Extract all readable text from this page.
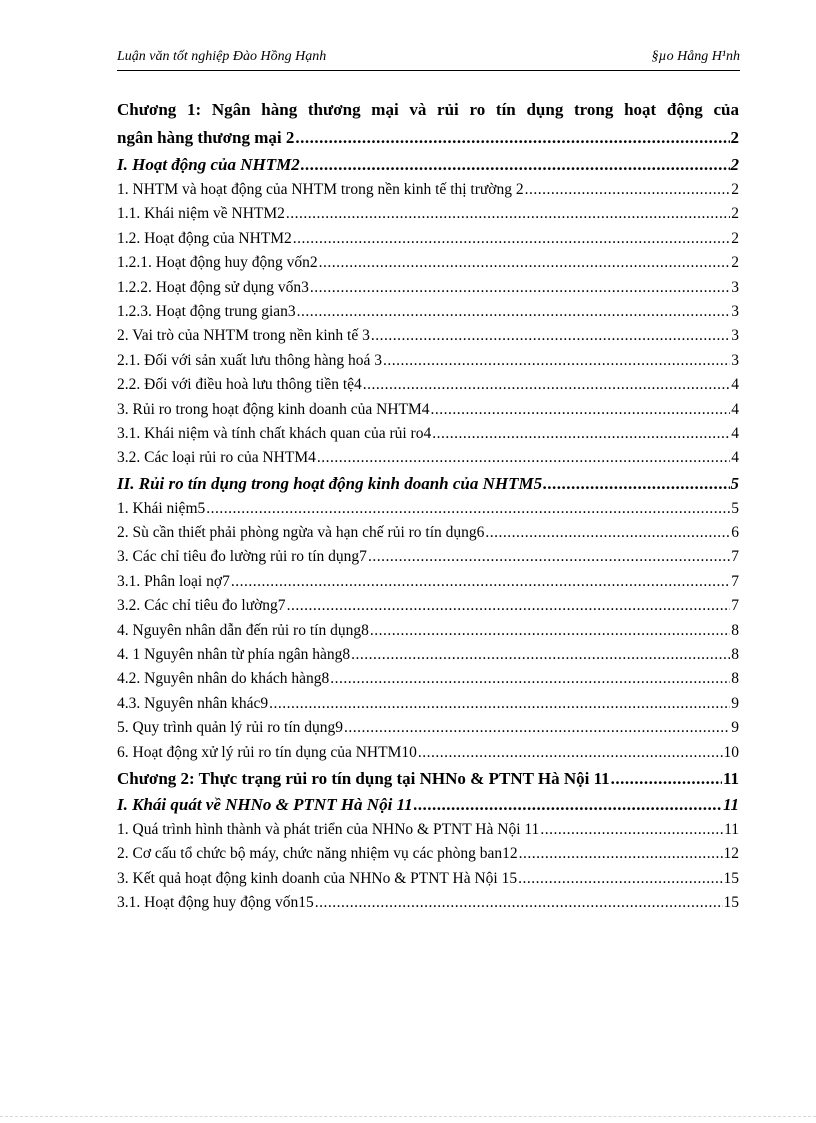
Luận văn tốt nghiệp Đào Hồng Hạnh	§µo Hång H¹nh
Chương 1: Ngân hàng thương mại và rủi ro tín dụng trong hoạt động của
ngân hàng thương mại 2 .....	2
I. Hoạt động của NHTM2 .....	2
1. NHTM và hoạt động của NHTM trong nền kinh tế thị trường 2 .....	2
1.1. Khái niệm về NHTM2 .....	2
1.2. Hoạt động của NHTM2 .....	2
1.2.1. Hoạt động huy động vốn2 .....	2
1.2.2. Hoạt động sử dụng vốn3 .....	3
1.2.3. Hoạt động trung gian3 .....	3
2. Vai trò của NHTM trong nền kinh tế 3 .....	3
2.1. Đối với sản xuất lưu thông hàng hoá 3 .....	3
2.2. Đối với điều hoà lưu thông tiền tệ4 .....	4
3. Rủi ro trong hoạt động kinh doanh của NHTM4 .....	4
3.1. Khái niệm và tính chất khách quan của rủi ro4 .....	4
3.2. Các loại rủi ro của NHTM4 .....	4
II. Rủi ro tín dụng trong hoạt động kinh doanh của NHTM5 .....	5
1. Khái niệm5 .....	5
2. Sù cần thiết phải phòng ngừa và hạn chế rủi ro tín dụng6 .....	6
3. Các chỉ tiêu đo lường rủi ro tín dụng7 .....	7
3.1. Phân loại nợ7 .....	7
3.2. Các chỉ tiêu đo lường7 .....	7
4. Nguyên nhân dẫn đến rủi ro tín dụng8 .....	8
4. 1 Nguyên nhân từ phía ngân hàng8 .....	8
4.2. Nguyên nhân do khách hàng8 .....	8
4.3. Nguyên nhân khác9 .....	9
5. Quy trình quản lý rủi ro tín dụng9 .....	9
6. Hoạt động xử lý rủi ro tín dụng của NHTM10 .....	10
Chương 2: Thực trạng rủi ro tín dụng tại NHNo & PTNT Hà Nội 11 .....	11
I. Khái quát về NHNo & PTNT Hà Nội 11 .....	11
1. Quá trình hình thành và phát triển của NHNo & PTNT Hà Nội 11 .....	11
2. Cơ cấu tổ chức bộ máy, chức năng nhiệm vụ các phòng ban12 .....	12
3. Kết quả hoạt động kinh doanh của NHNo & PTNT Hà Nội 15 .....	15
3.1. Hoạt động huy động vốn15 .....	15
